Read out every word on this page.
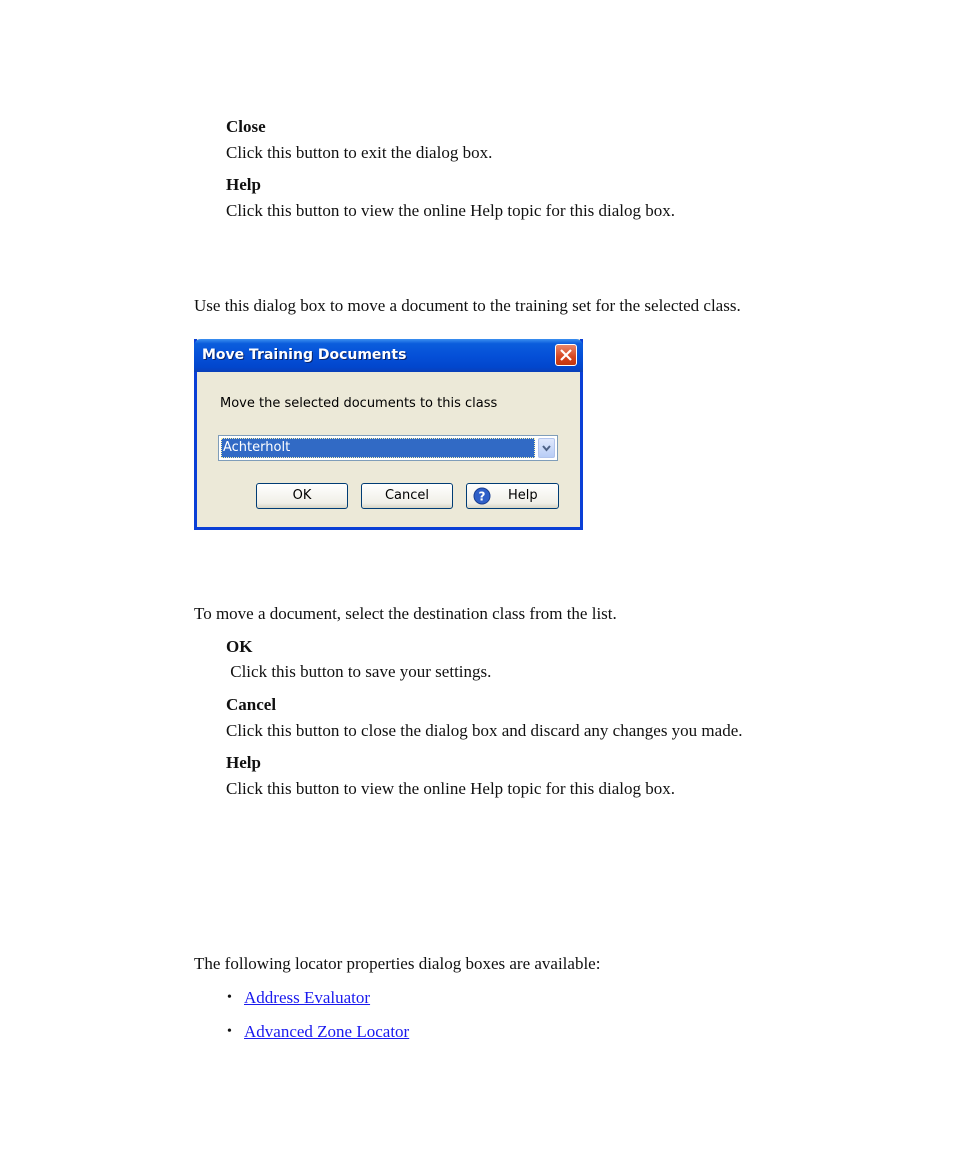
Close
Click this button to exit the dialog box.
Help
Click this button to view the online Help topic for this dialog box.
Use this dialog box to move a document to the training set for the selected class.
Move Training Documents
Move the selected documents to this class
Achterholt
OK	Cancel	? Help
To move a document, select the destination class from the list.
OK
Click this button to save your settings.
Cancel
Click this button to close the dialog box and discard any changes you made.
Help
Click this button to view the online Help topic for this dialog box.
The following locator properties dialog boxes are available:
• Address Evaluator
• Advanced Zone Locator
